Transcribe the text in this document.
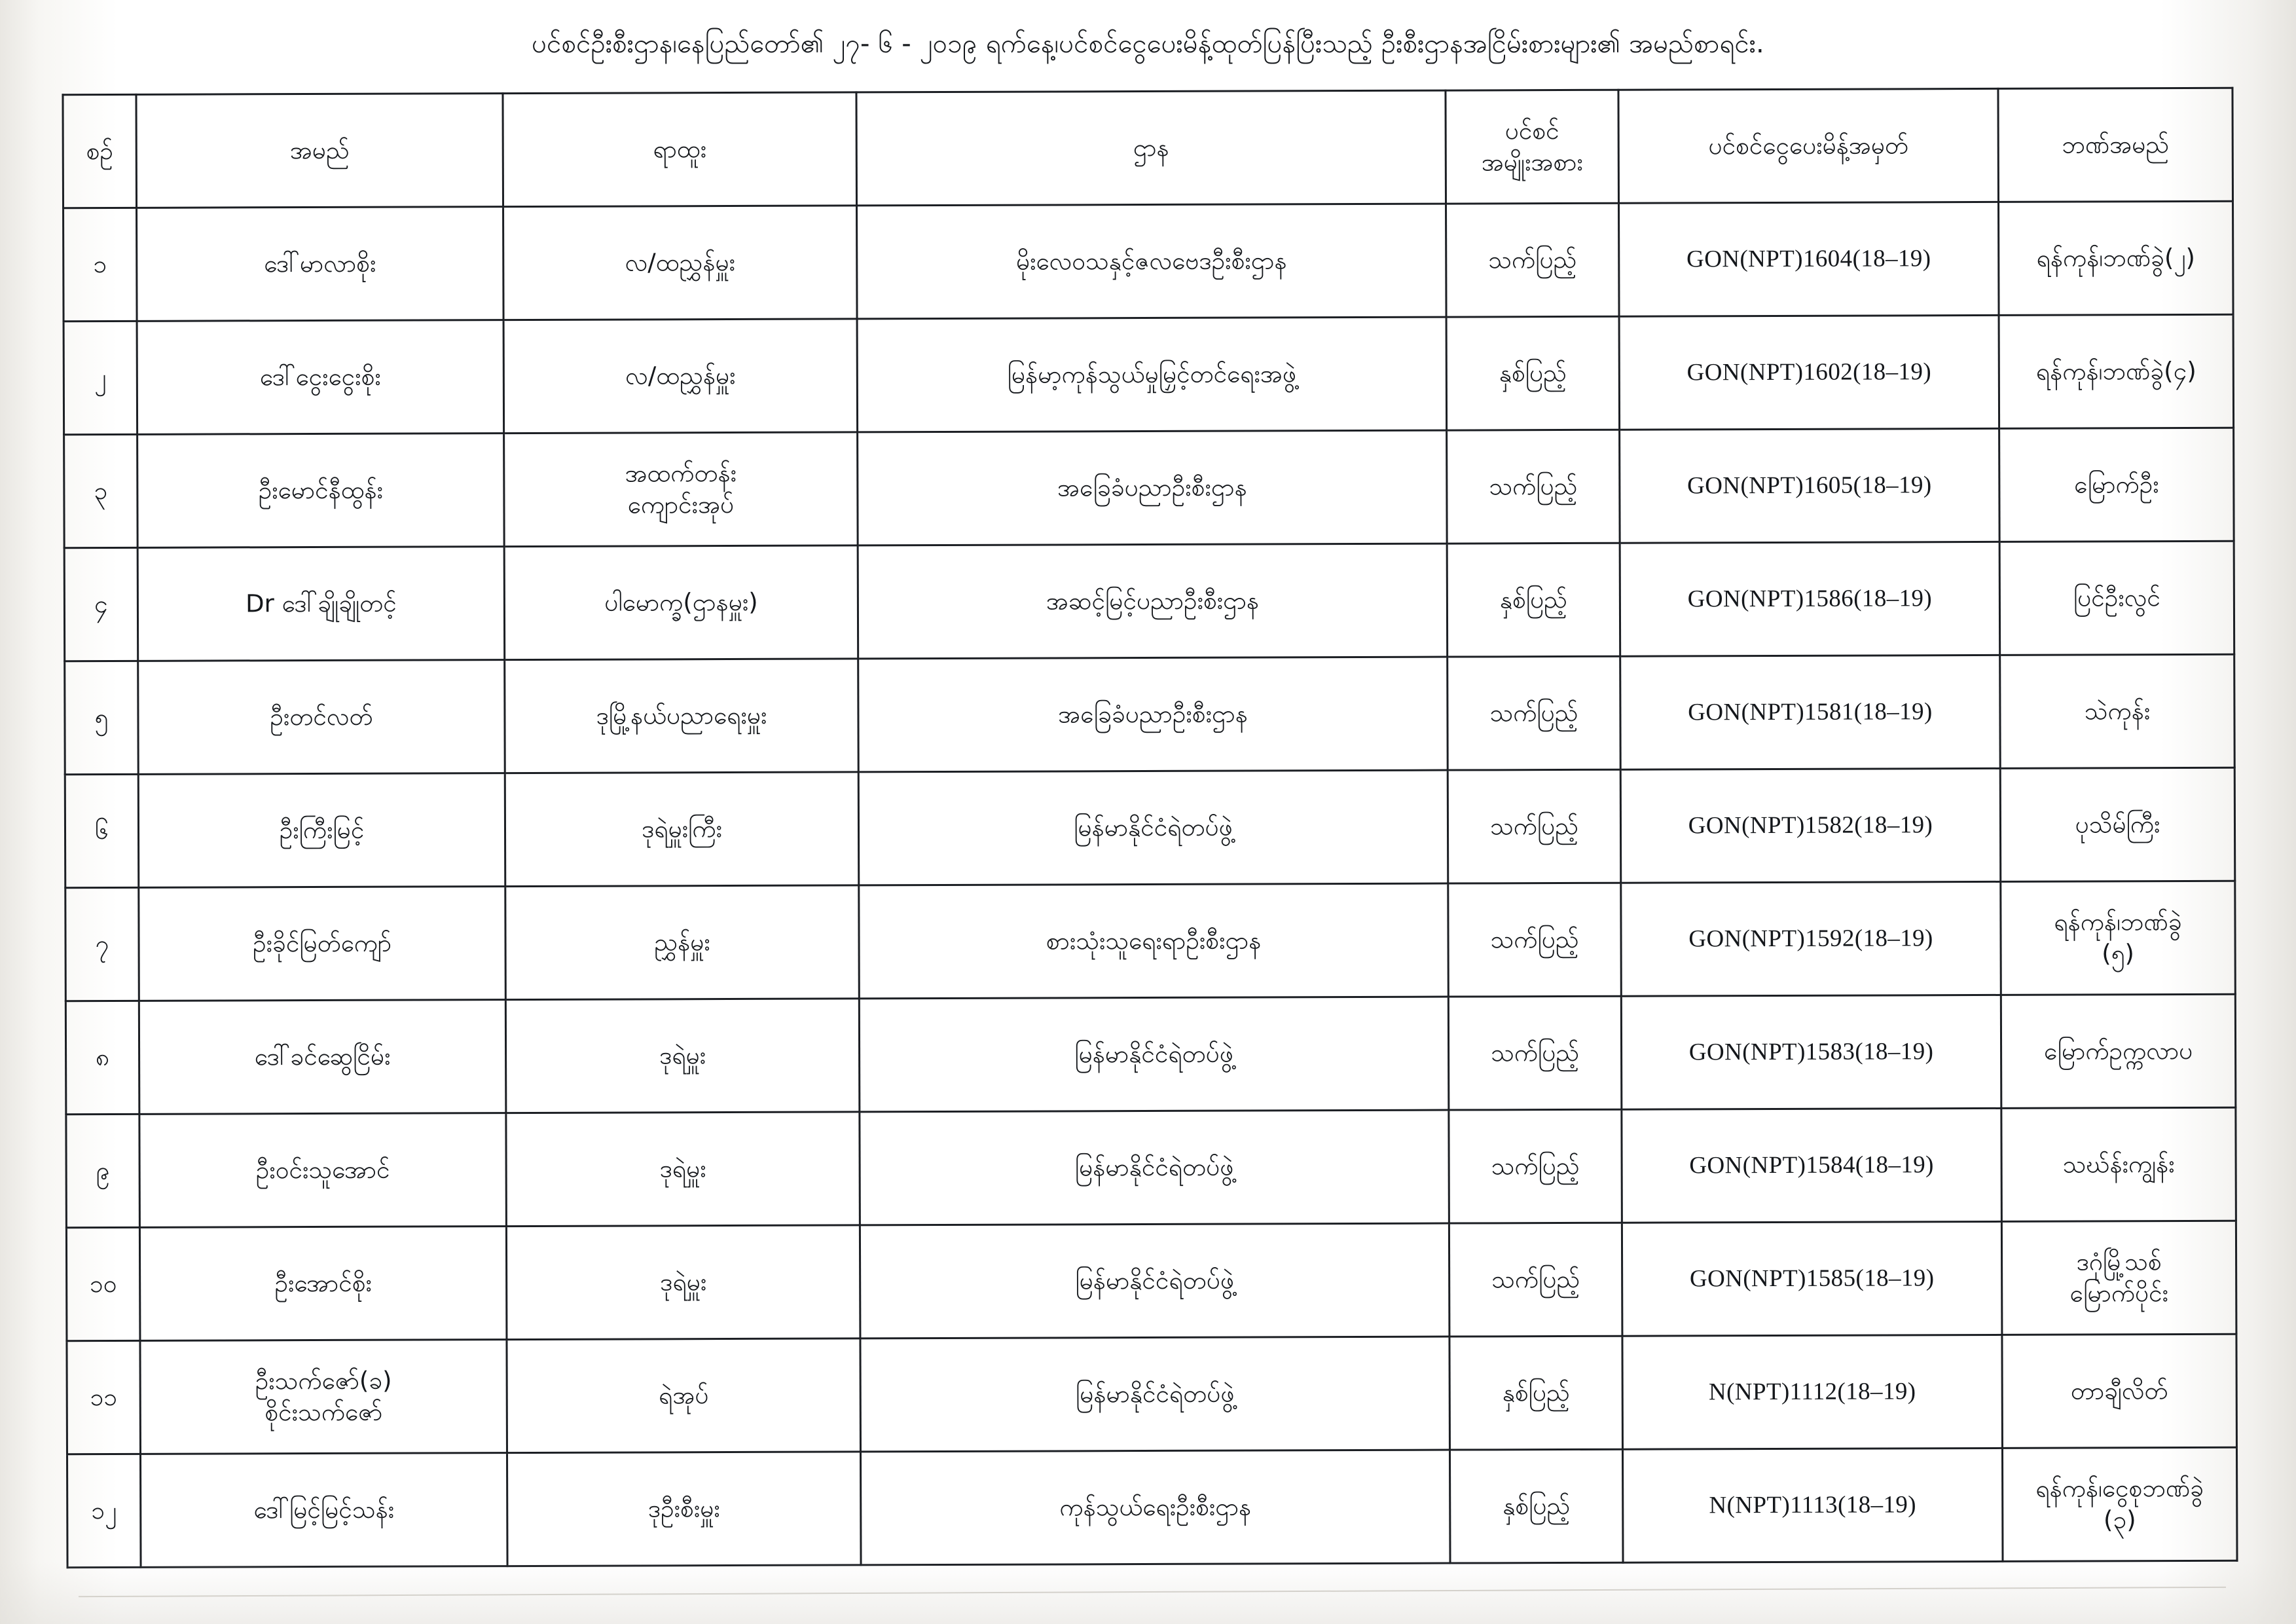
ပင်စင်ဦးစီးဌာန၊နေပြည်တော်၏ ၂၇- ၆ - ၂၀၁၉ ရက်နေ့၊ပင်စင်ငွေပေးမိန့်ထုတ်ပြန်ပြီးသည့် ဦးစီးဌာနအငြိမ်းစားများ၏ အမည်စာရင်း.
စဉ်	အမည်	ရာထူး	ဌာန	ပင်စင်
အမျိုးအစား	ပင်စင်ငွေပေးမိန့်အမှတ်	ဘဏ်အမည်
၁	ဒေါ်မာလာစိုး	လ/ထညွှန်မှူး	မိုးလေဝသနှင့်ဇလဗေဒဦးစီးဌာန	သက်ပြည့်	GON(NPT)1604(18–19)	ရန်ကုန်၊ဘဏ်ခွဲ(၂)

၂	ဒေါ်ငွေးငွေးစိုး	လ/ထညွှန်မှူး	မြန်မာ့ကုန်သွယ်မှုမြှင့်တင်ရေးအဖွဲ့	နှစ်ပြည့်	GON(NPT)1602(18–19)	ရန်ကုန်၊ဘဏ်ခွဲ(၄)

၃	ဦးမောင်နီထွန်း	အထက်တန်း
ကျောင်းအုပ်	အခြေခံပညာဦးစီးဌာန	သက်ပြည့်	GON(NPT)1605(18–19)	မြောက်ဦး

၄	Dr ဒေါ်ချိုချိုတင့်	ပါမောက္ခ(ဌာနမှူး)	အဆင့်မြင့်ပညာဦးစီးဌာန	နှစ်ပြည့်	GON(NPT)1586(18–19)	ပြင်ဦးလွင်

၅	ဦးတင်လတ်	ဒုမြို့နယ်ပညာရေးမှူး	အခြေခံပညာဦးစီးဌာန	သက်ပြည့်	GON(NPT)1581(18–19)	သဲကုန်း

၆	ဦးကြီးမြင့်	ဒုရဲမှူးကြီး	မြန်မာနိုင်ငံရဲတပ်ဖွဲ့	သက်ပြည့်	GON(NPT)1582(18–19)	ပုသိမ်ကြီး

၇	ဦးခိုင်မြတ်ကျော်	ညွှန်မှူး	စားသုံးသူရေးရာဦးစီးဌာန	သက်ပြည့်	GON(NPT)1592(18–19)	ရန်ကုန်၊ဘဏ်ခွဲ
(၅)

၈	ဒေါ်ခင်ဆွေငြိမ်း	ဒုရဲမှူး	မြန်မာနိုင်ငံရဲတပ်ဖွဲ့	သက်ပြည့်	GON(NPT)1583(18–19)	မြောက်ဥက္ကလာပ

၉	ဦးဝင်းသူအောင်	ဒုရဲမှူး	မြန်မာနိုင်ငံရဲတပ်ဖွဲ့	သက်ပြည့်	GON(NPT)1584(18–19)	သဃ်န်းကျွန်း

၁၀	ဦးအောင်စိုး	ဒုရဲမှူး	မြန်မာနိုင်ငံရဲတပ်ဖွဲ့	သက်ပြည့်	GON(NPT)1585(18–19)	ဒဂုံမြို့သစ်
မြောက်ပိုင်း

၁၁	ဦးသက်ဇော်(ခ)
စိုင်းသက်ဇော်	ရဲအုပ်	မြန်မာနိုင်ငံရဲတပ်ဖွဲ့	နှစ်ပြည့်	N(NPT)1112(18–19)	တာချီလိတ်

၁၂	ဒေါ်မြင့်မြင့်သန်း	ဒုဦးစီးမှူး	ကုန်သွယ်ရေးဦးစီးဌာန	နှစ်ပြည့်	N(NPT)1113(18–19)	ရန်ကုန်၊ငွေစုဘဏ်ခွဲ
(၃)
